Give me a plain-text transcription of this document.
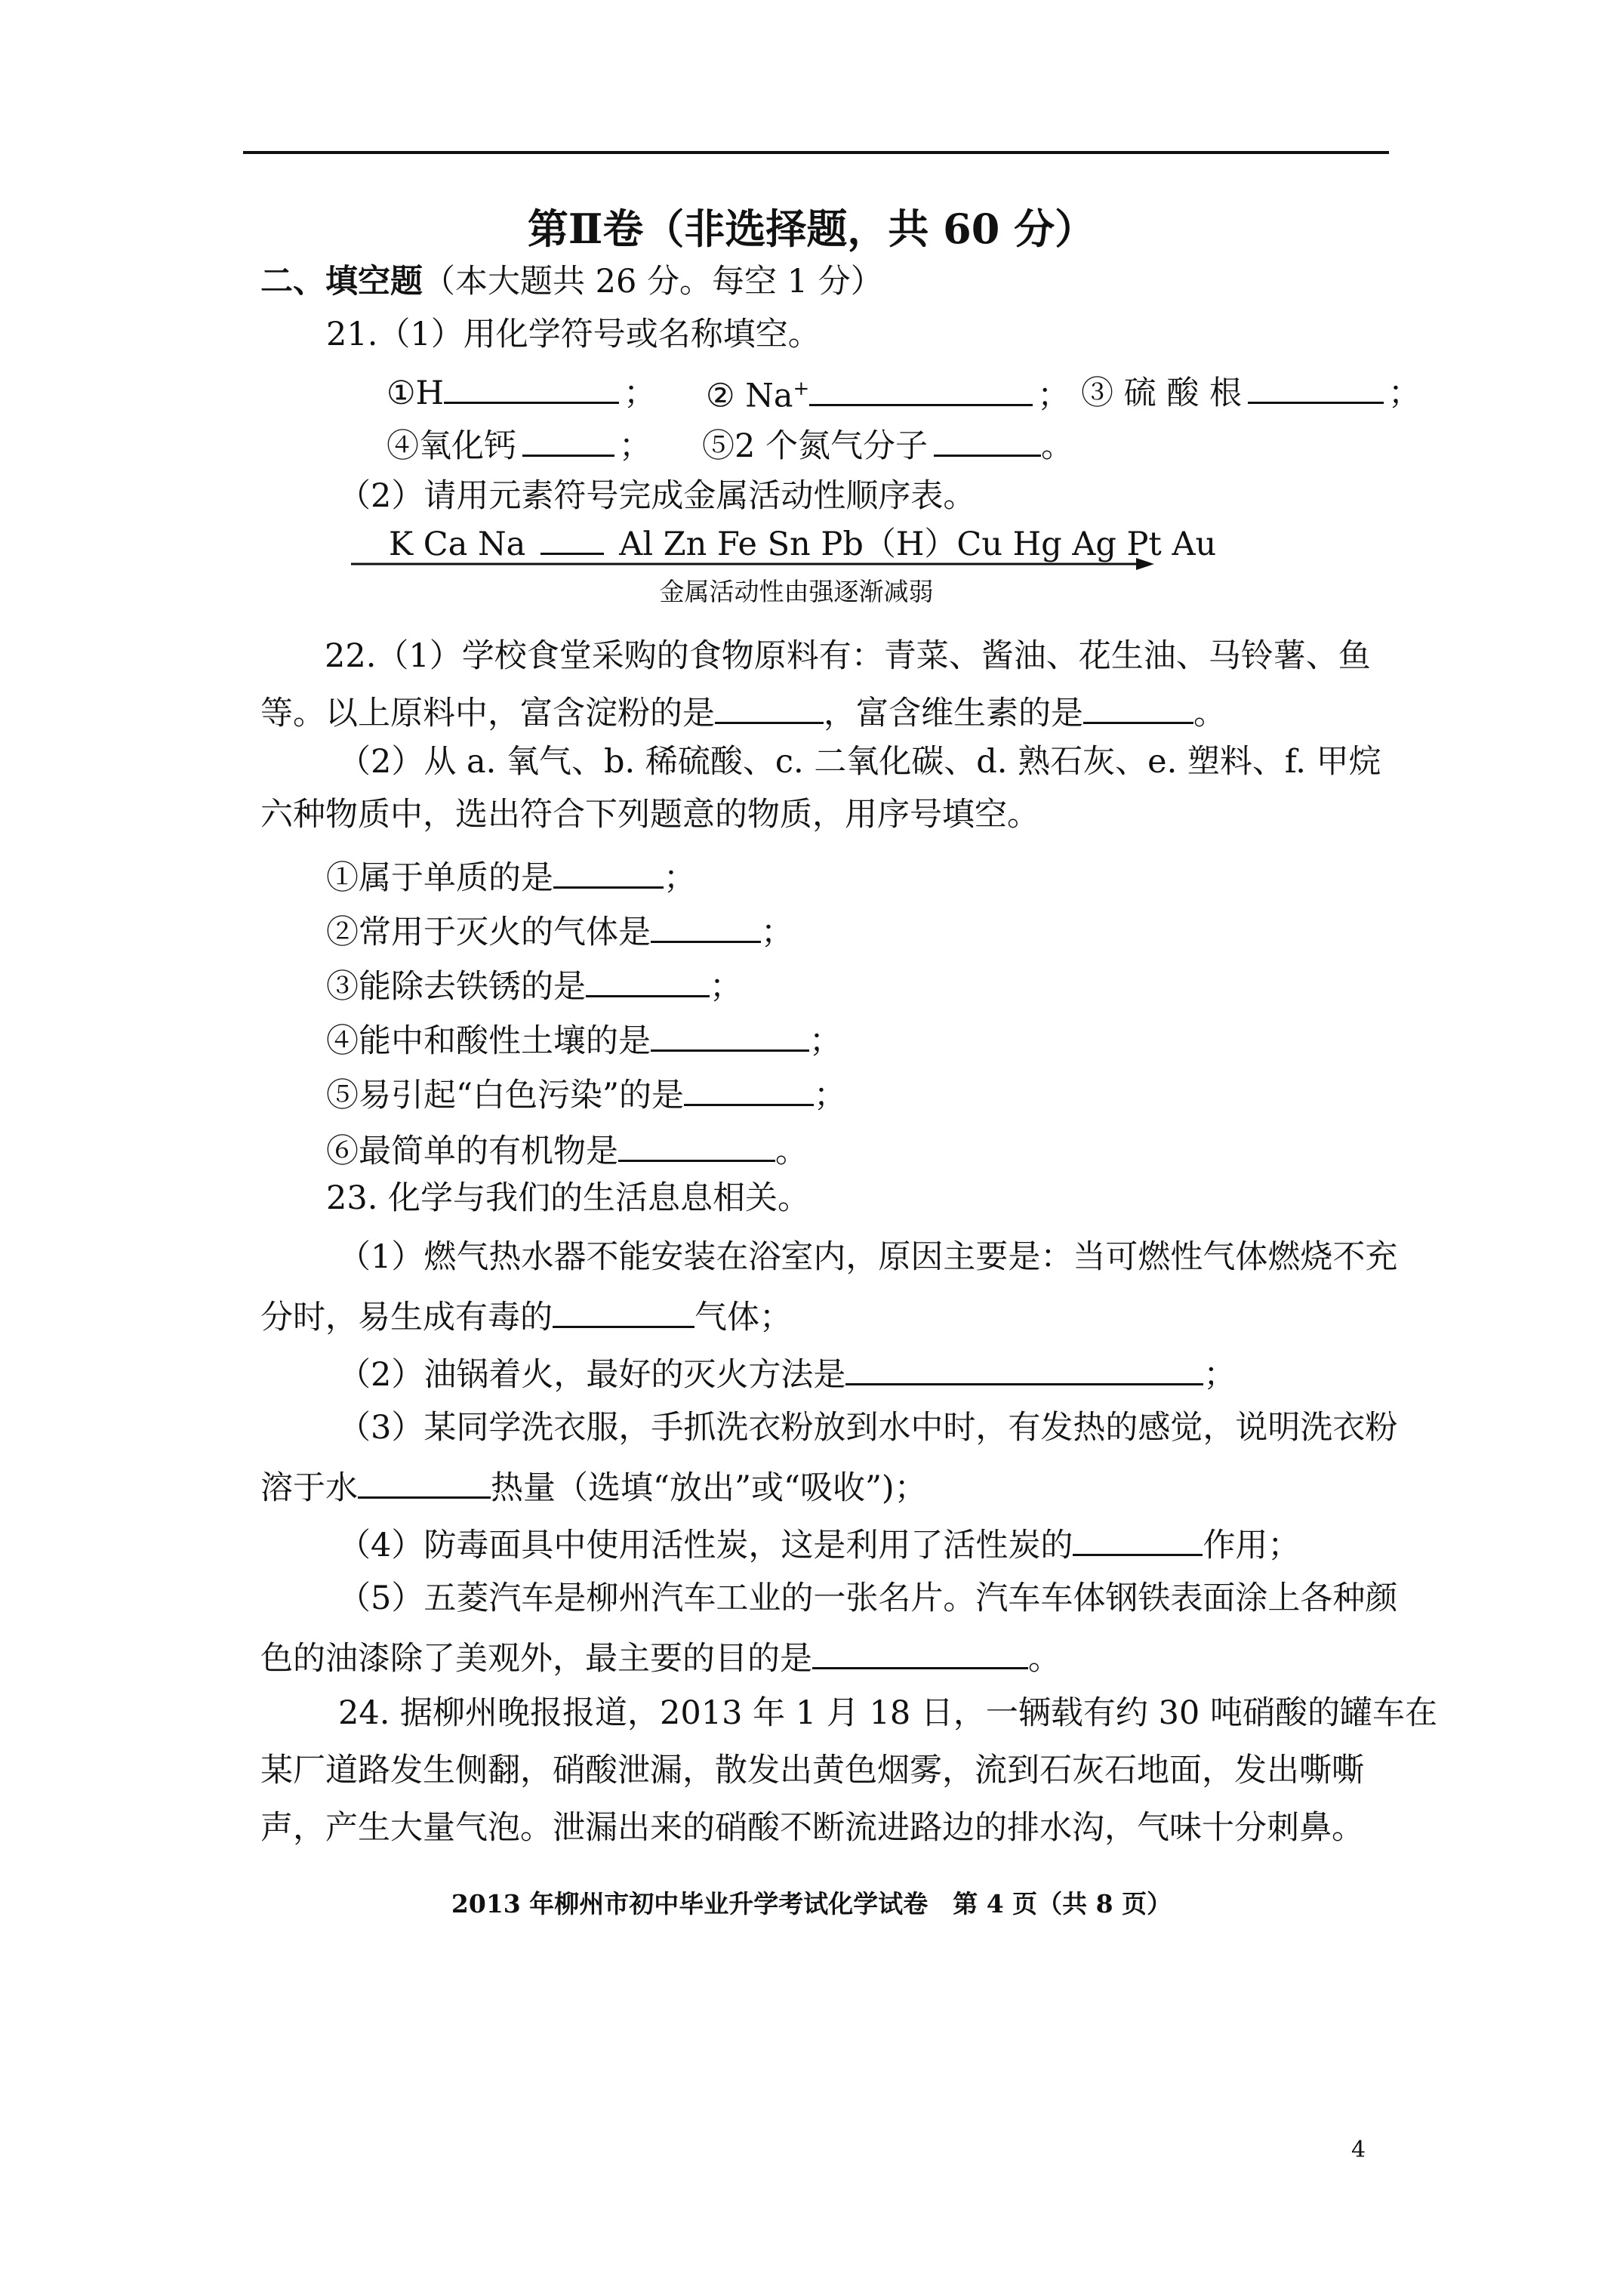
第Ⅱ卷（非选择题，共 60 分）
二、填空题（本大题共 26 分。每空 1 分）
21.（1）用化学符号或名称填空。
①H	； ② Na+	； ③ 硫 酸 根	；
④氧化钙	； ⑤2 个氮气分子	。
（2）请用元素符号完成金属活动性顺序表。
K Ca Na	Al Zn Fe Sn Pb（H）Cu Hg Ag Pt Au
金属活动性由强逐渐减弱
22.（1）学校食堂采购的食物原料有：青菜、酱油、花生油、马铃薯、鱼
等。以上原料中，富含淀粉的是	，富含维生素的是	。
（2）从 a. 氧气、b. 稀硫酸、c. 二氧化碳、d. 熟石灰、e. 塑料、f. 甲烷
六种物质中，选出符合下列题意的物质，用序号填空。
①属于单质的是	；
②常用于灭火的气体是	；
③能除去铁锈的是	；
④能中和酸性土壤的是	；
⑤易引起“白色污染”的是	；
⑥最简单的有机物是	。
23. 化学与我们的生活息息相关。
（1）燃气热水器不能安装在浴室内，原因主要是：当可燃性气体燃烧不充
分时，易生成有毒的	气体；
（2）油锅着火，最好的灭火方法是	；
（3）某同学洗衣服，手抓洗衣粉放到水中时，有发热的感觉，说明洗衣粉
溶于水	热量（选填“放出”或“吸收”)；
（4）防毒面具中使用活性炭，这是利用了活性炭的	作用；
（5）五菱汽车是柳州汽车工业的一张名片。汽车车体钢铁表面涂上各种颜
色的油漆除了美观外，最主要的目的是	。
24. 据柳州晚报报道，2013 年 1 月 18 日，一辆载有约 30 吨硝酸的罐车在
某厂道路发生侧翻，硝酸泄漏，散发出黄色烟雾，流到石灰石地面，发出嘶嘶
声，产生大量气泡。泄漏出来的硝酸不断流进路边的排水沟，气味十分刺鼻。
2013 年柳州市初中毕业升学考试化学试卷　第 4 页（共 8 页）
4
